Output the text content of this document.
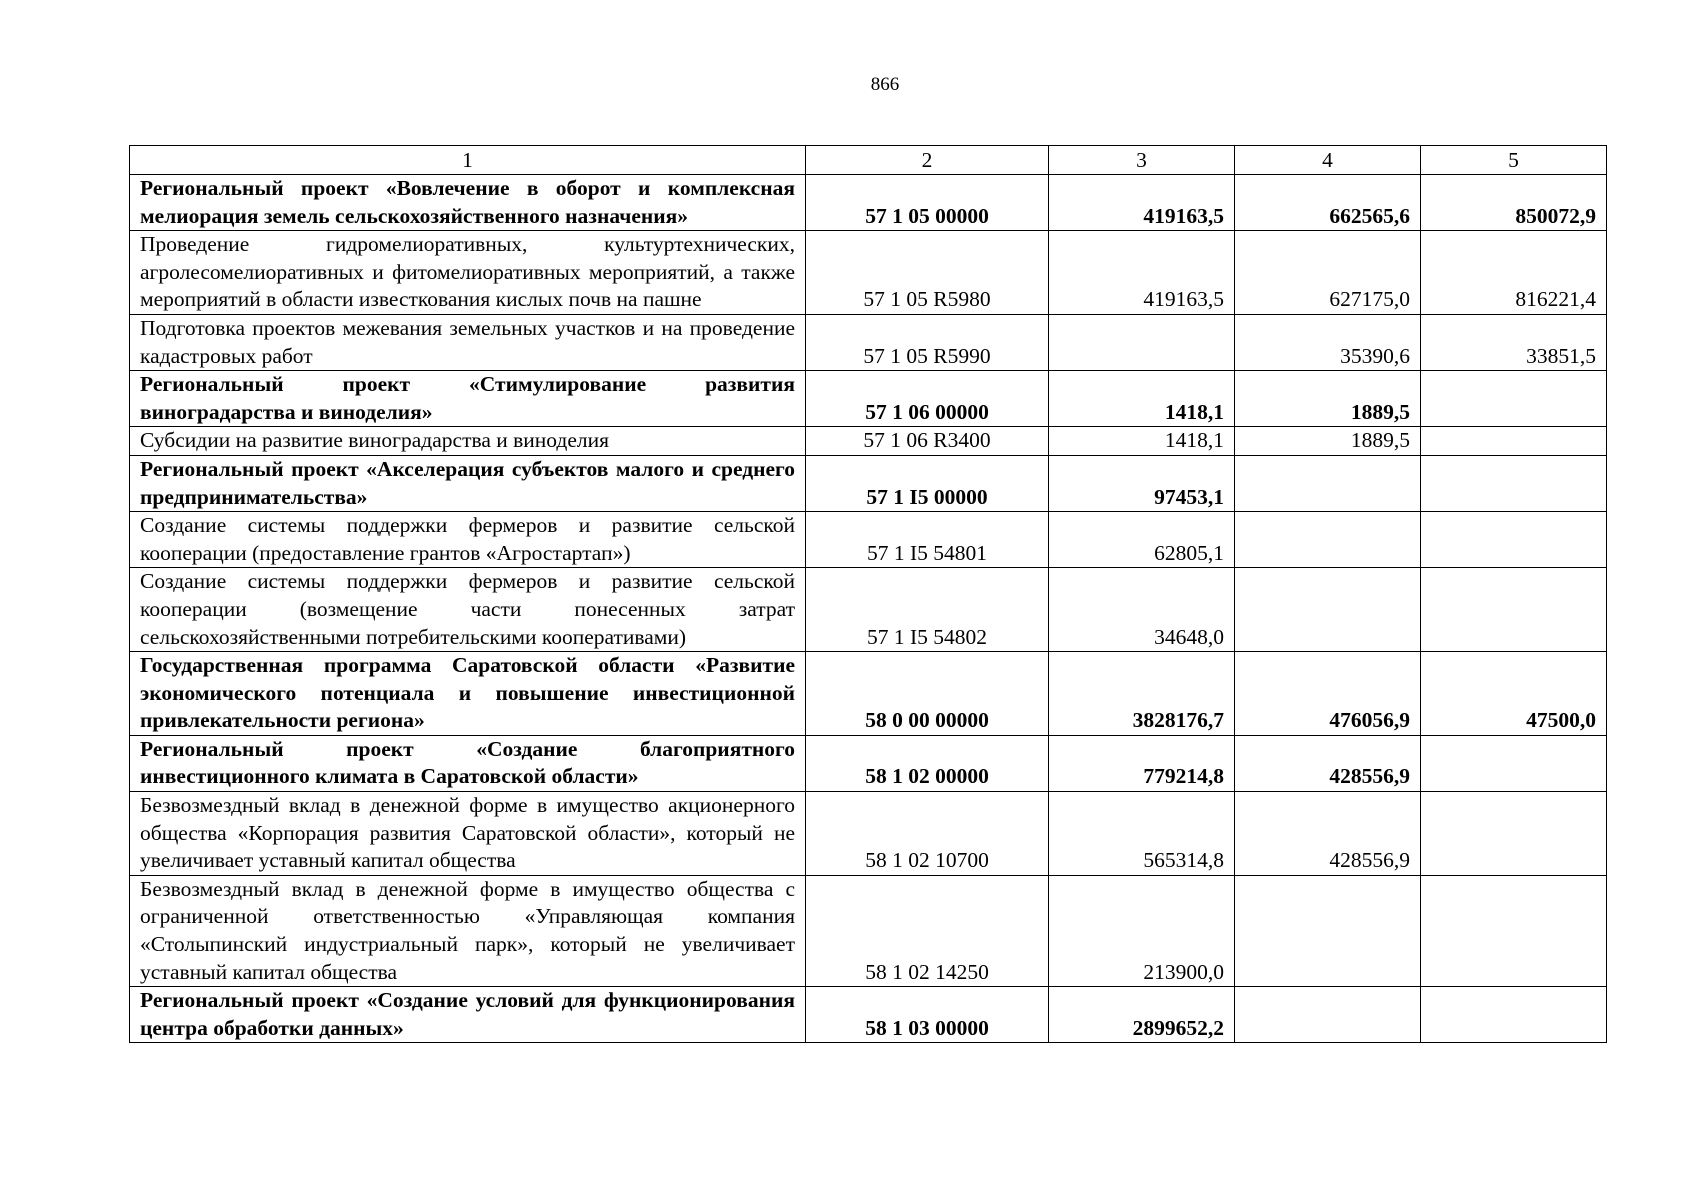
866
1	2	3	4	5
Региональный проект «Вовлечение в оборот и комплексная мелиорация земель сельскохозяйственного назначения»	57 1 05 00000	419163,5	662565,6	850072,9
Проведение гидромелиоративных, культуртехнических, агролесомелиоративных и фитомелиоративных мероприятий, а также мероприятий в области известкования кислых почв на пашне	57 1 05 R5980	419163,5	627175,0	816221,4
Подготовка проектов межевания земельных участков и на проведение кадастровых работ	57 1 05 R5990		35390,6	33851,5
Региональный проект «Стимулирование развития виноградарства и виноделия»	57 1 06 00000	1418,1	1889,5	
Субсидии на развитие виноградарства и виноделия	57 1 06 R3400	1418,1	1889,5	
Региональный проект «Акселерация субъектов малого и среднего предпринимательства»	57 1 I5 00000	97453,1		
Создание системы поддержки фермеров и развитие сельской кооперации (предоставление грантов «Агростартап»)	57 1 I5 54801	62805,1		
Создание системы поддержки фермеров и развитие сельской кооперации (возмещение части понесенных затрат сельскохозяйственными потребительскими кооперативами)	57 1 I5 54802	34648,0		
Государственная программа Саратовской области «Развитие экономического потенциала и повышение инвестиционной привлекательности региона»	58 0 00 00000	3828176,7	476056,9	47500,0
Региональный проект «Создание благоприятного инвестиционного климата в Саратовской области»	58 1 02 00000	779214,8	428556,9	
Безвозмездный вклад в денежной форме в имущество акционерного общества «Корпорация развития Саратовской области», который не увеличивает уставный капитал общества	58 1 02 10700	565314,8	428556,9	
Безвозмездный вклад в денежной форме в имущество общества с ограниченной ответственностью «Управляющая компания «Столыпинский индустриальный парк», который не увеличивает уставный капитал общества	58 1 02 14250	213900,0		
Региональный проект «Создание условий для функционирования центра обработки данных»	58 1 03 00000	2899652,2		
